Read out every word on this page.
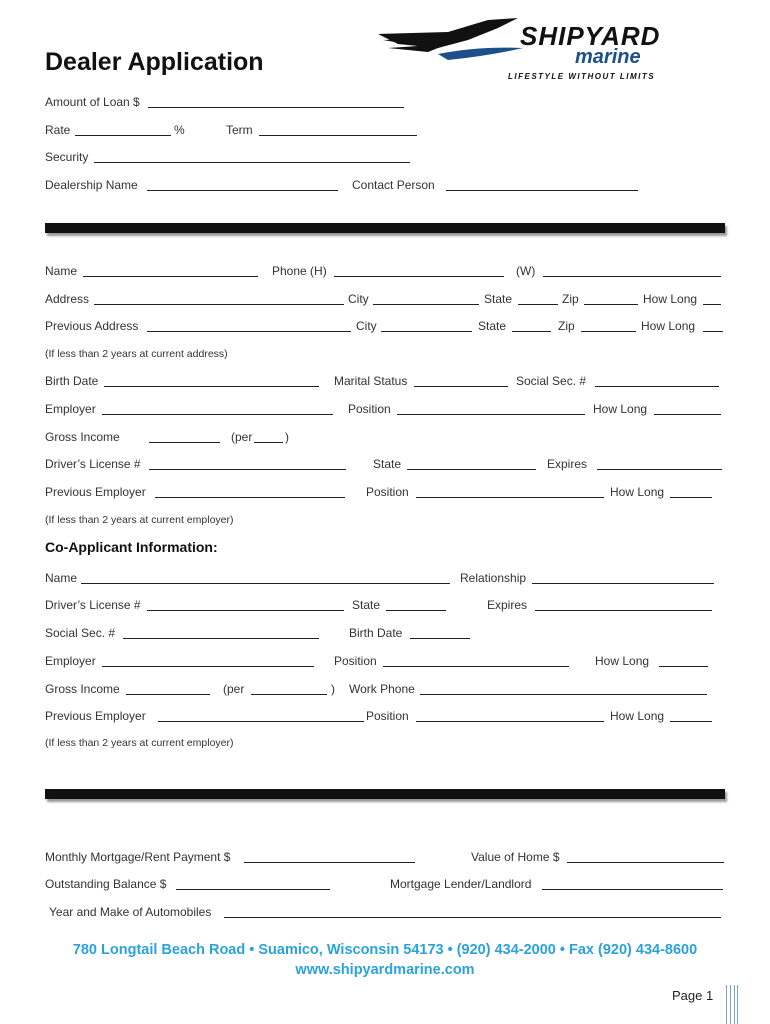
Dealer Application
SHIPYARD
marine
LIFESTYLE WITHOUT LIMITS
Amount of Loan $
Rate	%	Term
Security
Dealership Name	Contact Person
Name	Phone (H)	(W)
Address	City	State	Zip	How Long
Previous Address	City	State	Zip	How Long
(If less than 2 years at current address)
Birth Date	Marital Status	Social Sec. #
Employer	Position	How Long
Gross Income	(per	)
Driver’s License #	State	Expires
Previous Employer	Position	How Long
(If less than 2 years at current employer)
Co-Applicant Information:
Name	Relationship
Driver’s License #	State	Expires
Social Sec. #	Birth Date
Employer	Position	How Long
Gross Income	(per	) Work Phone
Previous Employer	Position	How Long
(If less than 2 years at current employer)
Monthly Mortgage/Rent Payment $	Value of Home $
Outstanding Balance $	Mortgage Lender/Landlord
Year and Make of Automobiles
780 Longtail Beach Road • Suamico, Wisconsin 54173 • (920) 434-2000 • Fax (920) 434-8600
www.shipyardmarine.com
Page 1
